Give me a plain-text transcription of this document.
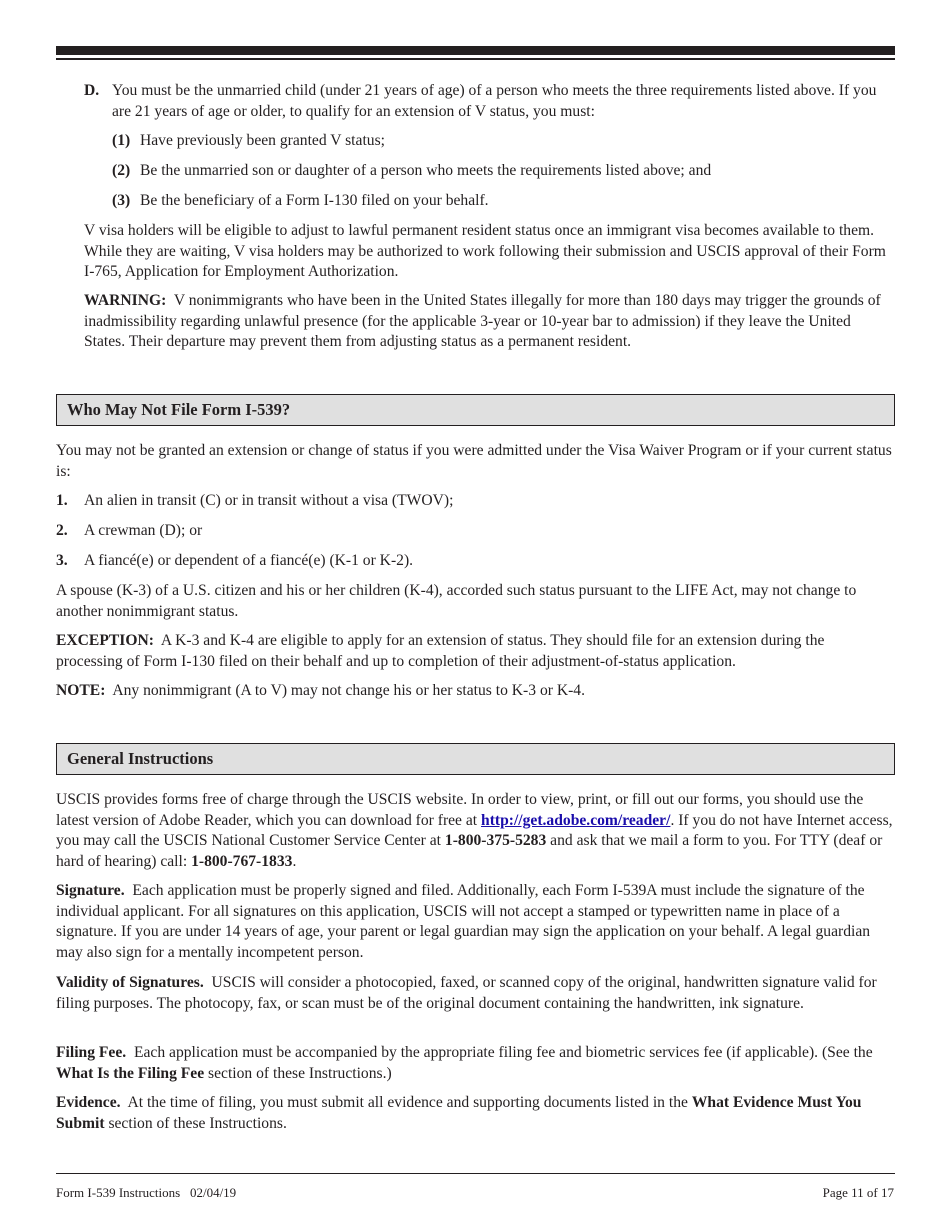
D. You must be the unmarried child (under 21 years of age) of a person who meets the three requirements listed above. If you are 21 years of age or older, to qualify for an extension of V status, you must:

(1) Have previously been granted V status;

(2) Be the unmarried son or daughter of a person who meets the requirements listed above; and

(3) Be the beneficiary of a Form I-130 filed on your behalf.

V visa holders will be eligible to adjust to lawful permanent resident status once an immigrant visa becomes available to them. While they are waiting, V visa holders may be authorized to work following their submission and USCIS approval of their Form I-765, Application for Employment Authorization.

WARNING: V nonimmigrants who have been in the United States illegally for more than 180 days may trigger the grounds of inadmissibility regarding unlawful presence (for the applicable 3-year or 10-year bar to admission) if they leave the United States. Their departure may prevent them from adjusting status as a permanent resident.

Who May Not File Form I-539?

You may not be granted an extension or change of status if you were admitted under the Visa Waiver Program or if your current status is:

1. An alien in transit (C) or in transit without a visa (TWOV);

2. A crewman (D); or

3. A fiancé(e) or dependent of a fiancé(e) (K-1 or K-2).

A spouse (K-3) of a U.S. citizen and his or her children (K-4), accorded such status pursuant to the LIFE Act, may not change to another nonimmigrant status.

EXCEPTION: A K-3 and K-4 are eligible to apply for an extension of status. They should file for an extension during the processing of Form I-130 filed on their behalf and up to completion of their adjustment-of-status application.

NOTE: Any nonimmigrant (A to V) may not change his or her status to K-3 or K-4.

General Instructions

USCIS provides forms free of charge through the USCIS website. In order to view, print, or fill out our forms, you should use the latest version of Adobe Reader, which you can download for free at http://get.adobe.com/reader/. If you do not have Internet access, you may call the USCIS National Customer Service Center at 1-800-375-5283 and ask that we mail a form to you. For TTY (deaf or hard of hearing) call: 1-800-767-1833.

Signature. Each application must be properly signed and filed. Additionally, each Form I-539A must include the signature of the individual applicant. For all signatures on this application, USCIS will not accept a stamped or typewritten name in place of a signature. If you are under 14 years of age, your parent or legal guardian may sign the application on your behalf. A legal guardian may also sign for a mentally incompetent person.

Validity of Signatures. USCIS will consider a photocopied, faxed, or scanned copy of the original, handwritten signature valid for filing purposes. The photocopy, fax, or scan must be of the original document containing the handwritten, ink signature.

Filing Fee. Each application must be accompanied by the appropriate filing fee and biometric services fee (if applicable). (See the What Is the Filing Fee section of these Instructions.)

Evidence. At the time of filing, you must submit all evidence and supporting documents listed in the What Evidence Must You Submit section of these Instructions.

Form I-539 Instructions   02/04/19	Page 11 of 17
